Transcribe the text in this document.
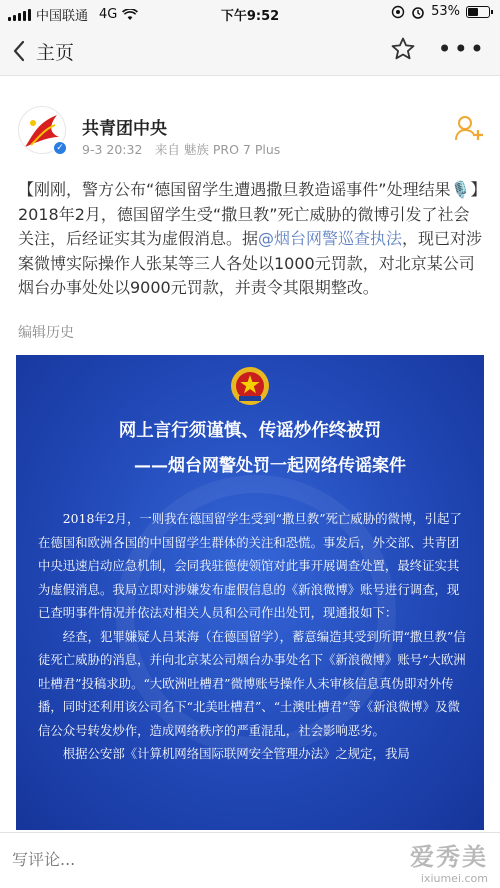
中国联通 4G	下午9:52	53%
主页	•••
✓
共青团中央
9-3 20:32　来自 魅族 PRO 7 Plus
【刚刚，警方公布“德国留学生遭遇撒旦教造谣事件”处理结果🎙️】2018年2月，德国留学生受“撒旦教”死亡威胁的微博引发了社会关注，后经证实其为虚假消息。据@烟台网警巡查执法，现已对涉案微博实际操作人张某等三人各处以1000元罚款，对北京某公司烟台办事处处以9000元罚款，并责令其限期整改。
编辑历史
网上言行须谨慎、传谣炒作终被罚
——烟台网警处罚一起网络传谣案件

2018年2月，一则我在德国留学生受到“撒旦教”死亡威胁的微博，引起了在德国和欧洲各国的中国留学生群体的关注和恐慌。事发后，外交部、共青团中央迅速启动应急机制，会同我驻德使领馆对此事开展调查处置，最终证实其为虚假消息。我局立即对涉嫌发布虚假信息的《新浪微博》账号进行调查，现已查明事件情况并依法对相关人员和公司作出处罚，现通报如下：

经查，犯罪嫌疑人吕某海（在德国留学），蓄意编造其受到所谓“撒旦教”信徒死亡威胁的消息，并向北京某公司烟台办事处名下《新浪微博》账号“大欧洲吐槽君”投稿求助。“大欧洲吐槽君”微博账号操作人未审核信息真伪即对外传播，同时还利用该公司名下“北美吐槽君”、“土澳吐槽君”等《新浪微博》及微信公众号转发炒作，造成网络秩序的严重混乱，社会影响恶劣。

根据公安部《计算机网络国际联网安全管理办法》之规定，我局

写评论...
爱秀美
ixiumei.com
